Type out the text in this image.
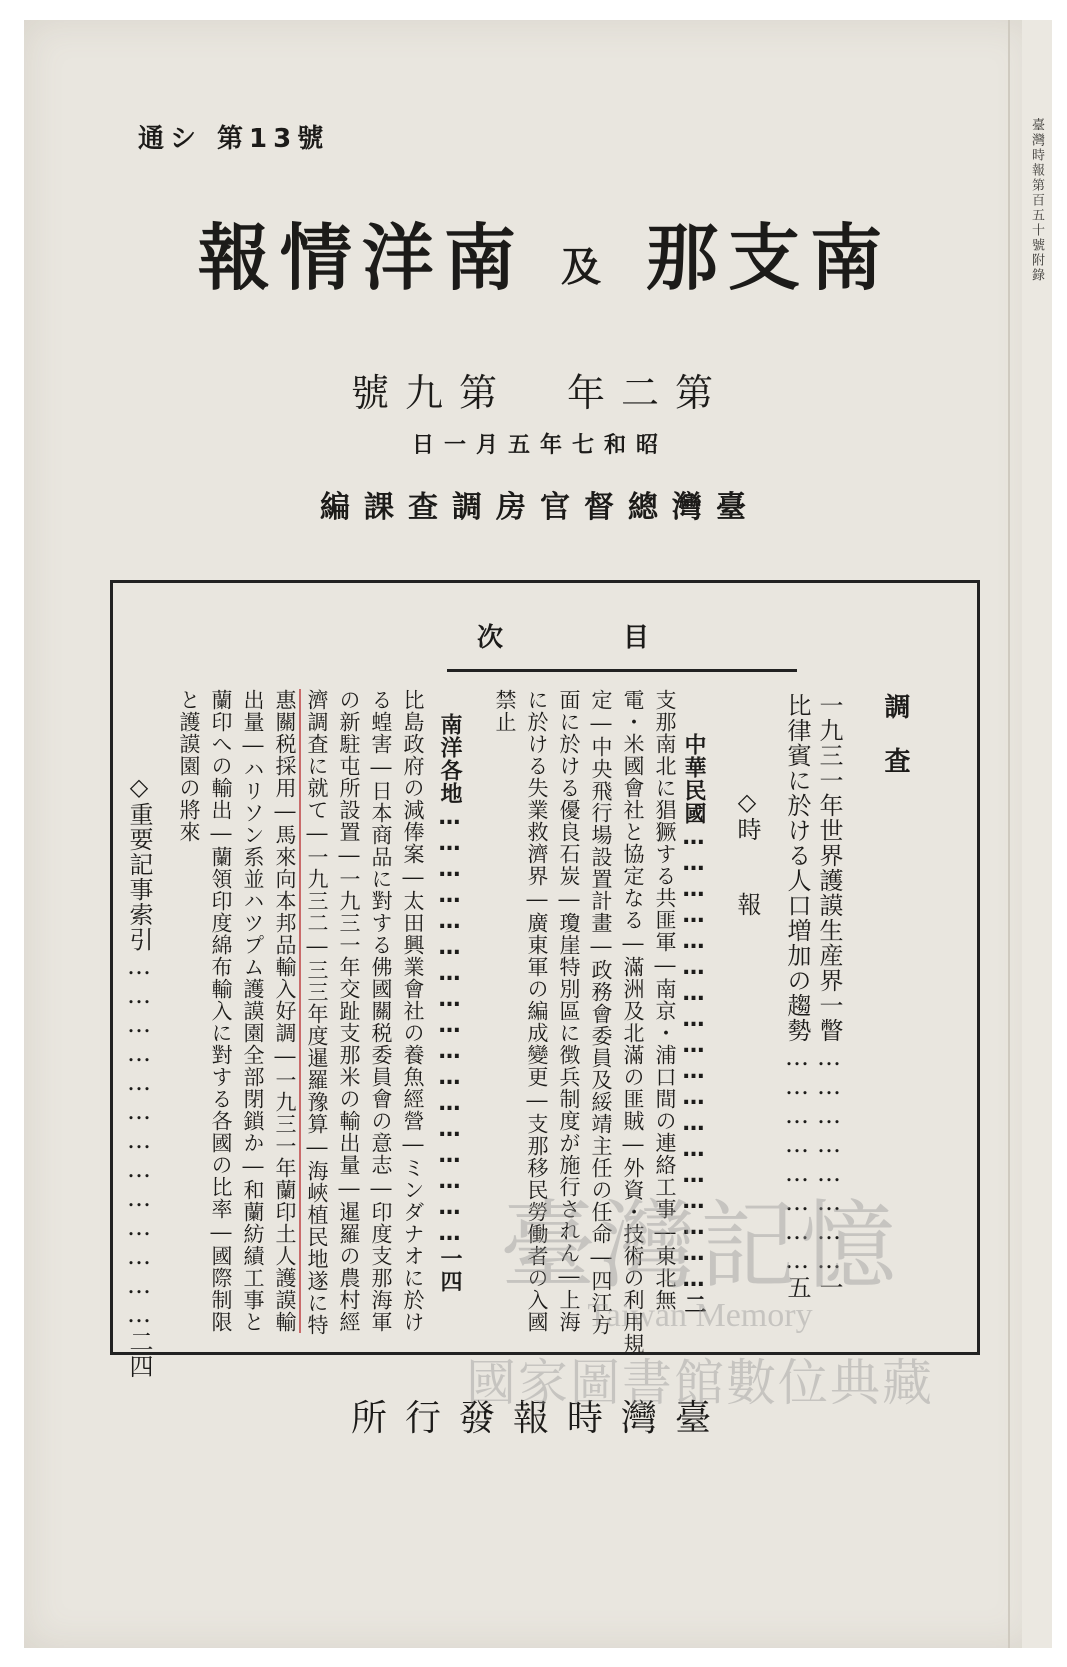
臺灣時報第百五十號附錄
通シ 第13號
報情洋南 及 那支南
號九第　年二第
日一月五年七和昭
編課查調房官督總灣臺
次目
調　査
一九三一年世界護謨生産界一瞥……………………一
比律賓に於ける人口増加の趨勢……………………五
◇時　　報
中華民國………………………………………………二
支那南北に猖獗する共匪軍―南京・浦口間の連絡工事―東北無
電・米國會社と協定なる―滿洲及北滿の匪賊―外資・技術の利用規
定―中央飛行場設置計畫―政務會委員及綏靖主任の任命―四江方
面に於ける優良石炭―瓊崖特別區に徴兵制度が施行されん―上海
に於ける失業救濟界―廣東軍の編成變更―支那移民勞働者の入國
禁止
南洋各地……………………………………………一四
比島政府の減俸案―太田興業會社の養魚經營―ミンダナオに於け
る蝗害―日本商品に對する佛國關税委員會の意志―印度支那海軍
の新駐屯所設置―一九三一年交趾支那米の輸出量―暹羅の農村經
濟調査に就て―一九三二―三三年度暹羅豫算―海峽植民地遂に特
惠關税採用―馬來向本邦品輸入好調―一九三一年蘭印土人護謨輸
出量―ハリソン系並ハツプム護謨園全部閉鎖か―和蘭紡績工事と
蘭印への輸出―蘭領印度綿布輸入に對する各國の比率―國際制限
と護謨園の將來
◇重要記事索引…………………………………二四
所行發報時灣臺
臺灣記憶
Taiwan Memory
國家圖書館數位典藏
